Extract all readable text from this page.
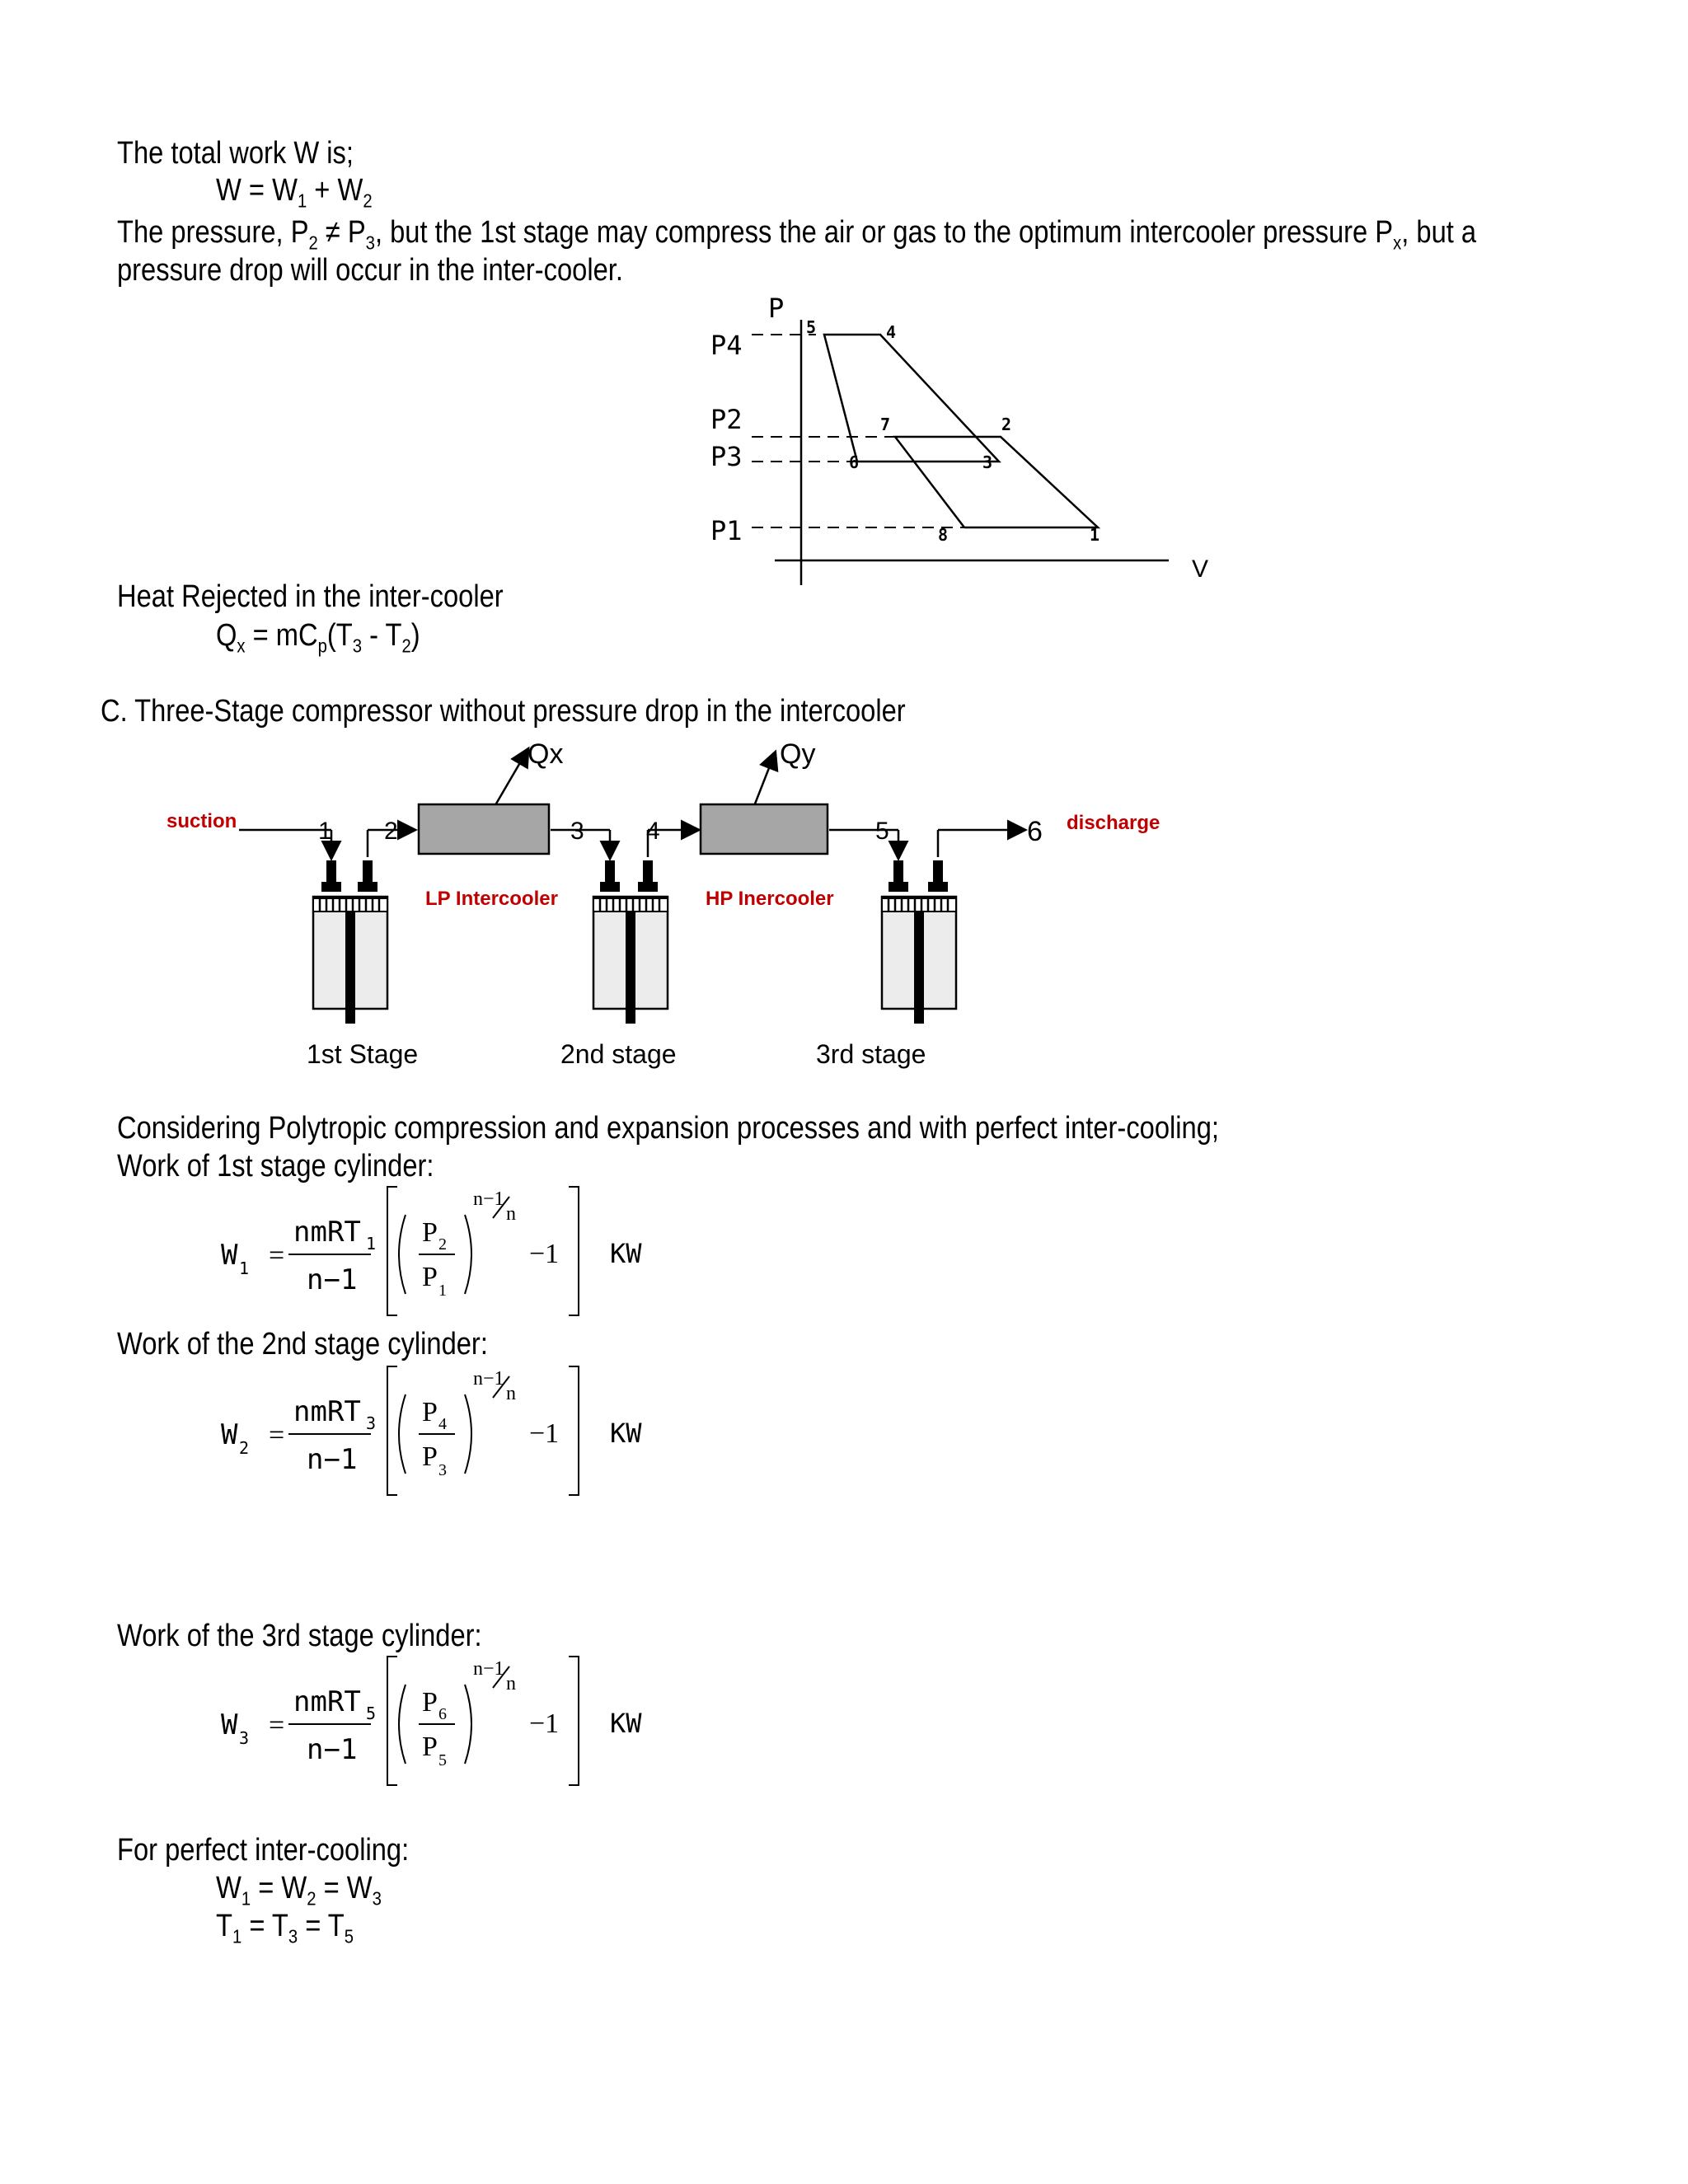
The total work W is;
$W = W_1 + W_2$
The pressure, $P_2 \ne P_3$, but the 1st stage may compress the air or gas to the optimum intercooler pressure $P_x$, but a
pressure drop will occur in the inter-cooler.
P
V
P4
P2
P3
P1
5	4
7	2
6	3
8	1
Heat Rejected in the inter-cooler
$Q_x = mC_p(T_3 - T_2)$
C. Three-Stage compressor without pressure drop in the intercooler
Qx	Qy
1 2	3	4	5	6
suction	discharge
LP Intercooler	HP Inercooler
1st Stage	2nd stage	3rd stage
Considering Polytropic compression and expansion processes and with perfect inter-cooling;
Work of 1st stage cylinder:
W 1 =
nmRT 1
n−1
P 2
P 1
n−1
n
−1 KW
Work of the 2nd stage cylinder:
W 2 =
nmRT 3
n−1
P 4
P 3
n−1
n
−1 KW
Work of the 3rd stage cylinder:
W 3 =
nmRT 5
n−1
P 6
P 5
n−1
n
−1 KW
For perfect inter-cooling:
$W_1 = W_2 = W_3$
$T_1 = T_3 = T_5$
